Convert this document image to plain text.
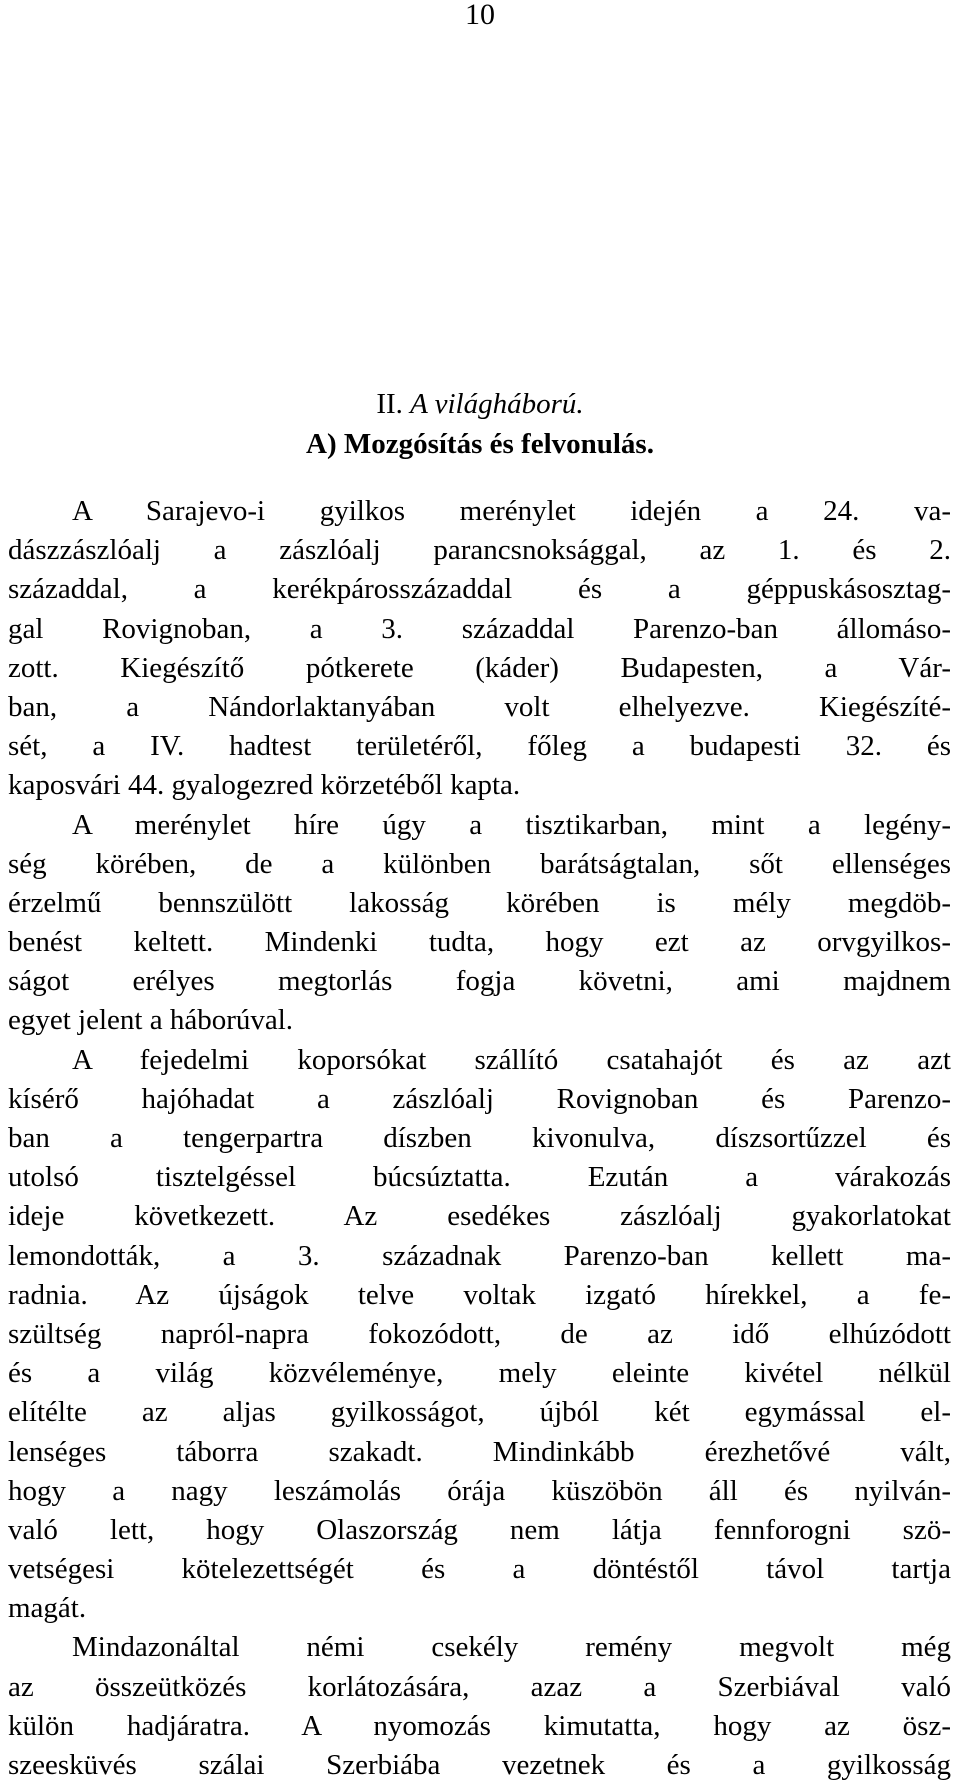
10
II. A világháború.
A) Mozgósítás és felvonulás.
A Sarajevo-i gyilkos merénylet idején a 24. va-
dászzászlóalj a zászlóalj parancsnoksággal, az 1. és 2.
századdal, a kerékpárosszázaddal és a géppuskásosztag-
gal Rovignoban, a 3. századdal Parenzo-ban állomáso-
zott. Kiegészítő pótkerete (káder) Budapesten, a Vár-
ban, a Nándorlaktanyában volt elhelyezve. Kiegészíté-
sét, a IV. hadtest területéről, főleg a budapesti 32. és
kaposvári 44. gyalogezred körzetéből kapta.
A merénylet híre úgy a tisztikarban, mint a legény-
ség körében, de a különben barátságtalan, sőt ellenséges
érzelmű bennszülött lakosság körében is mély megdöb-
benést keltett. Mindenki tudta, hogy ezt az orvgyilkos-
ságot erélyes megtorlás fogja követni, ami majdnem
egyet jelent a háborúval.
A fejedelmi koporsókat szállító csatahajót és az azt
kísérő hajóhadat a zászlóalj Rovignoban és Parenzo-
ban a tengerpartra díszben kivonulva, díszsortűzzel és
utolsó tisztelgéssel búcsúztatta. Ezután a várakozás
ideje következett. Az esedékes zászlóalj gyakorlatokat
lemondották, a 3. századnak Parenzo-ban kellett ma-
radnia. Az újságok telve voltak izgató hírekkel, a fe-
szültség napról-napra fokozódott, de az idő elhúzódott
és a világ közvéleménye, mely eleinte kivétel nélkül
elítélte az aljas gyilkosságot, újból két egymással el-
lenséges táborra szakadt. Mindinkább érezhetővé vált,
hogy a nagy leszámolás órája küszöbön áll és nyilván-
való lett, hogy Olaszország nem látja fennforogni szö-
vetségesi kötelezettségét és a döntéstől távol tartja
magát.
Mindazonáltal némi csekély remény megvolt még
az összeütközés korlátozására, azaz a Szerbiával való
külön hadjáratra. A nyomozás kimutatta, hogy az ösz-
szeesküvés szálai Szerbiába vezetnek és a gyilkosság
